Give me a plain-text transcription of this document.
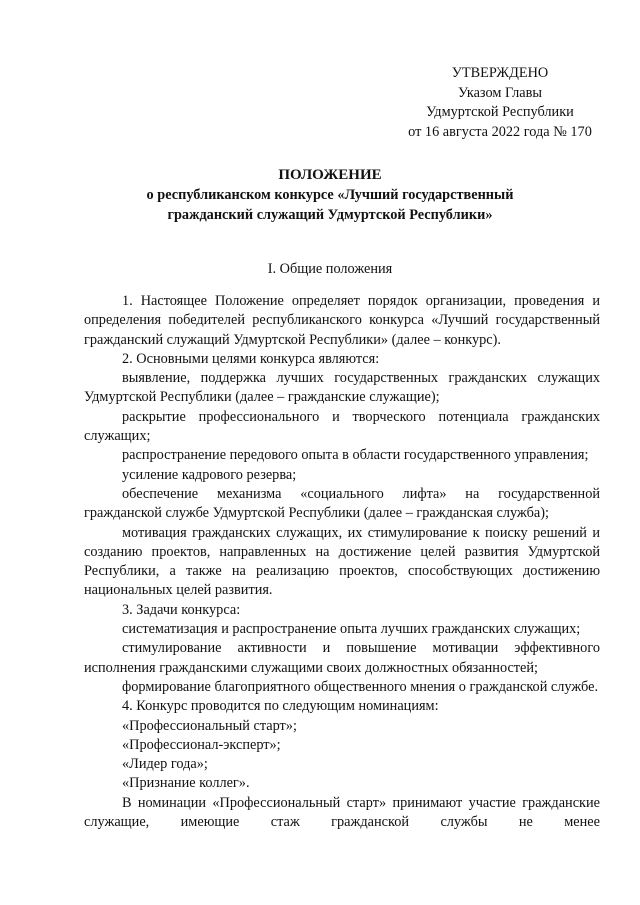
УТВЕРЖДЕНО
Указом Главы
Удмуртской Республики
от 16 августа 2022 года № 170
ПОЛОЖЕНИЕ
о республиканском конкурсе «Лучший государственный
гражданский служащий Удмуртской Республики»
I. Общие положения

1. Настоящее Положение определяет порядок организации, проведения и определения победителей республиканского конкурса «Лучший государственный гражданский служащий Удмуртской Республики» (далее – конкурс).

2. Основными целями конкурса являются:

выявление, поддержка лучших государственных гражданских служащих Удмуртской Республики (далее – гражданские служащие);

раскрытие профессионального и творческого потенциала гражданских служащих;

распространение передового опыта в области государственного управления;

усиление кадрового резерва;

обеспечение механизма «социального лифта» на государственной гражданской службе Удмуртской Республики (далее – гражданская служба);

мотивация гражданских служащих, их стимулирование к поиску решений и созданию проектов, направленных на достижение целей развития Удмуртской Республики, а также на реализацию проектов, способствующих достижению национальных целей развития.

3. Задачи конкурса:

систематизация и распространение опыта лучших гражданских служащих;

стимулирование активности и повышение мотивации эффективного исполнения гражданскими служащими своих должностных обязанностей;

формирование благоприятного общественного мнения о гражданской службе.

4. Конкурс проводится по следующим номинациям:

«Профессиональный старт»;

«Профессионал-эксперт»;

«Лидер года»;

«Признание коллег».

В номинации «Профессиональный старт» принимают участие гражданские служащие, имеющие стаж гражданской службы не менее
